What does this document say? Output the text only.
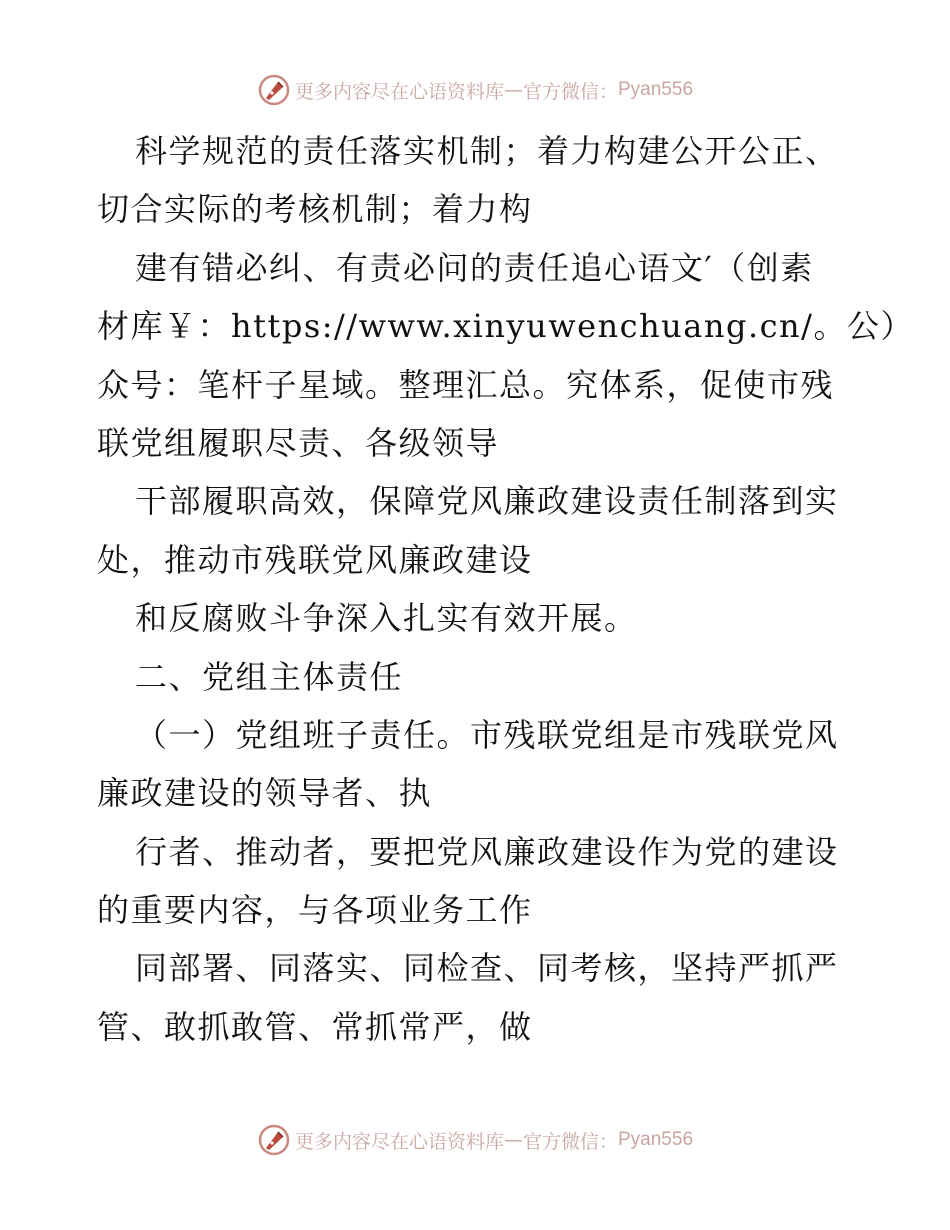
更多内容尽在心语资料库 — 官方微信： Pyan556
科学规范的责任落实机制；着力构建公开公正、
切合实际的考核机制；着力构
建有错必纠、有责必问的责任追心语文′（创素
材库￥：https://www.xinyuwenchuang.cn/。公）
众号：笔杆子星域。整理汇总。究体系，促使市残
联党组履职尽责、各级领导
干部履职高效，保障党风廉政建设责任制落到实
处，推动市残联党风廉政建设
和反腐败斗争深入扎实有效开展。
二、党组主体责任
（一）党组班子责任。市残联党组是市残联党风
廉政建设的领导者、执
行者、推动者，要把党风廉政建设作为党的建设
的重要内容，与各项业务工作
同部署、同落实、同检查、同考核，坚持严抓严
管、敢抓敢管、常抓常严，做
更多内容尽在心语资料库 — 官方微信： Pyan556
